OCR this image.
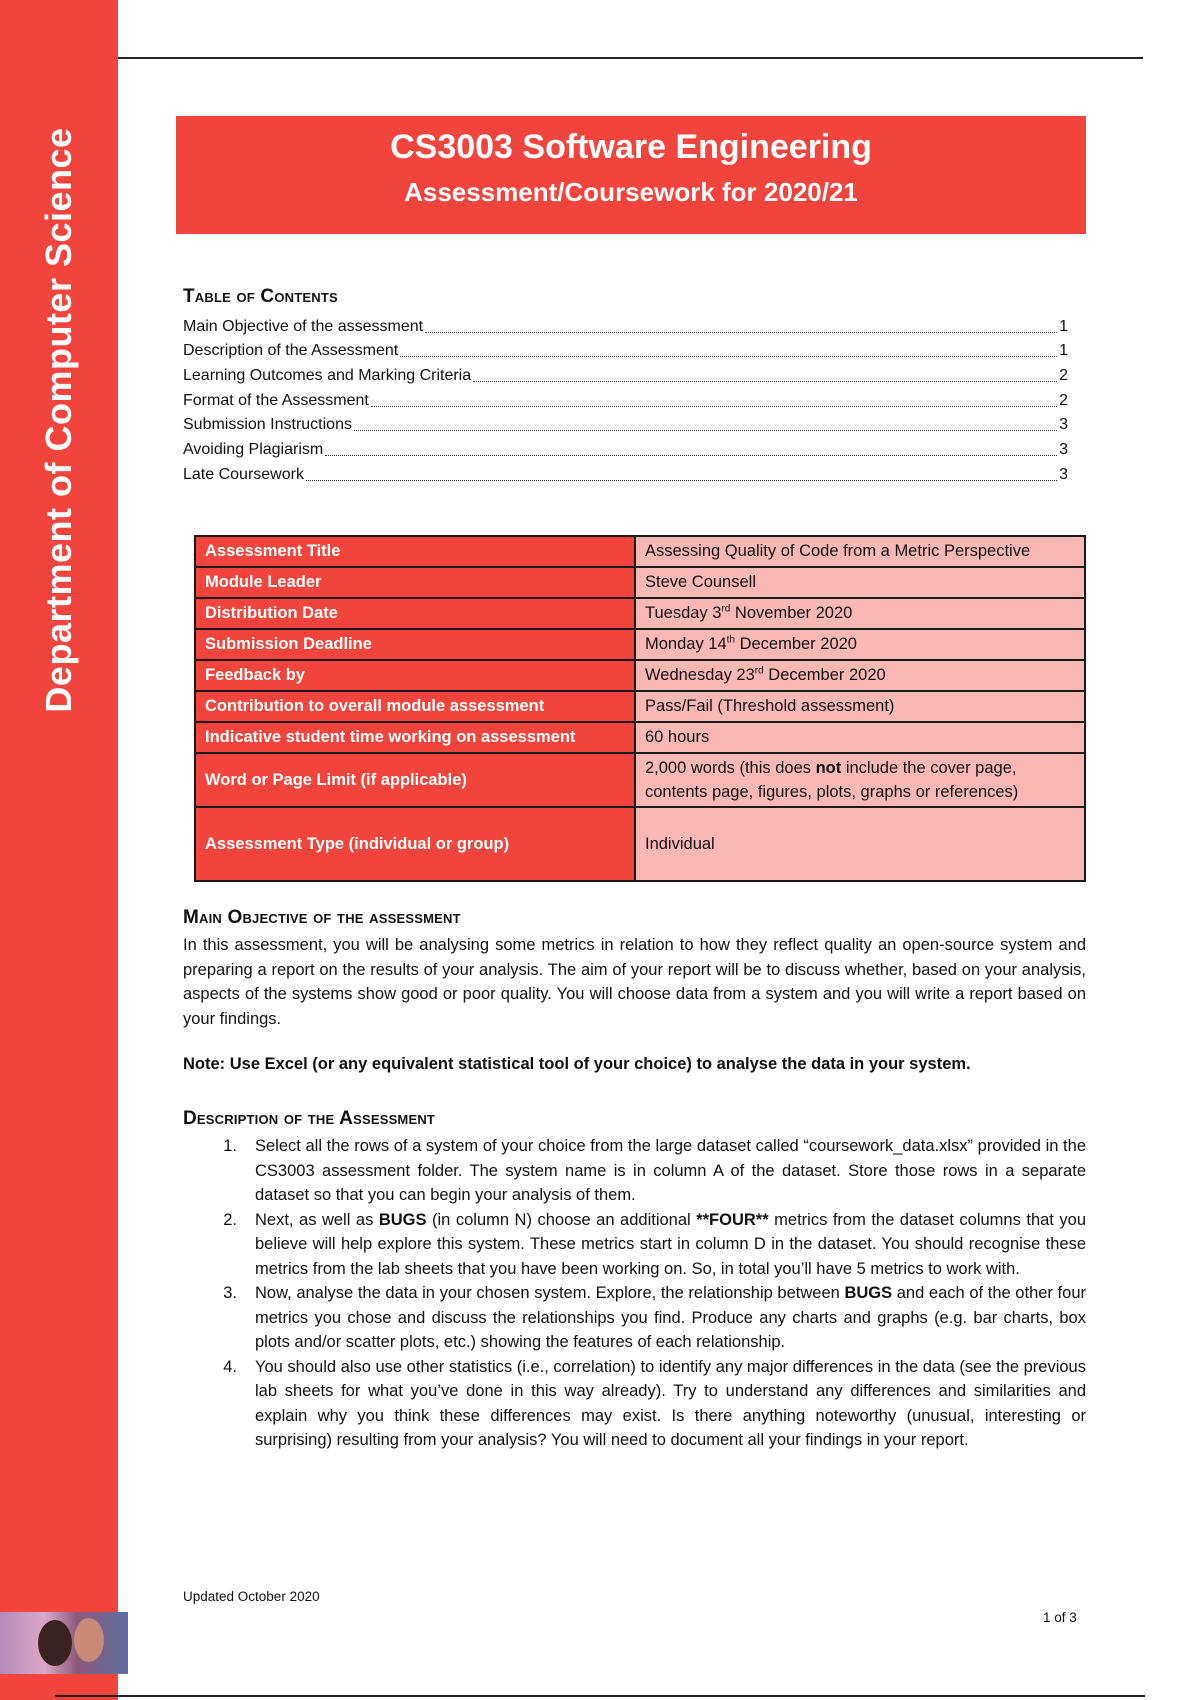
Department of Computer Science	CS3003 Software Engineering
Assessment/Coursework for 2020/21
Table of Contents
Main Objective of the assessment	1
Description of the Assessment	1
Learning Outcomes and Marking Criteria	2
Format of the Assessment	2
Submission Instructions	3
Avoiding Plagiarism	3
Late Coursework	3
Assessment Title	Assessing Quality of Code from a Metric Perspective
Module Leader	Steve Counsell
Distribution Date	Tuesday 3rd November 2020
Submission Deadline	Monday 14th December 2020
Feedback by	Wednesday 23rd December 2020
Contribution to overall module assessment	Pass/Fail (Threshold assessment)
Indicative student time working on assessment	60 hours
Word or Page Limit (if applicable)	2,000 words (this does not include the cover page, contents page, figures, plots, graphs or references)
Assessment Type (individual or group)	Individual
Main Objective of the assessment
In this assessment, you will be analysing some metrics in relation to how they reflect quality an open-source system and preparing a report on the results of your analysis. The aim of your report will be to discuss whether, based on your analysis, aspects of the systems show good or poor quality. You will choose data from a system and you will write a report based on your findings.
Note: Use Excel (or any equivalent statistical tool of your choice) to analyse the data in your system.
Description of the Assessment
1.	Select all the rows of a system of your choice from the large dataset called “coursework_data.xlsx” provided in the CS3003 assessment folder. The system name is in column A of the dataset. Store those rows in a separate dataset so that you can begin your analysis of them.
2.	Next, as well as BUGS (in column N) choose an additional **FOUR** metrics from the dataset columns that you believe will help explore this system. These metrics start in column D in the dataset. You should recognise these metrics from the lab sheets that you have been working on. So, in total you’ll have 5 metrics to work with.
3.	Now, analyse the data in your chosen system. Explore, the relationship between BUGS and each of the other four metrics you chose and discuss the relationships you find. Produce any charts and graphs (e.g. bar charts, box plots and/or scatter plots, etc.) showing the features of each relationship.
4.	You should also use other statistics (i.e., correlation) to identify any major differences in the data (see the previous lab sheets for what you’ve done in this way already). Try to understand any differences and similarities and explain why you think these differences may exist. Is there anything noteworthy (unusual, interesting or surprising) resulting from your analysis? You will need to document all your findings in your report.
Updated October 2020
1 of 3
